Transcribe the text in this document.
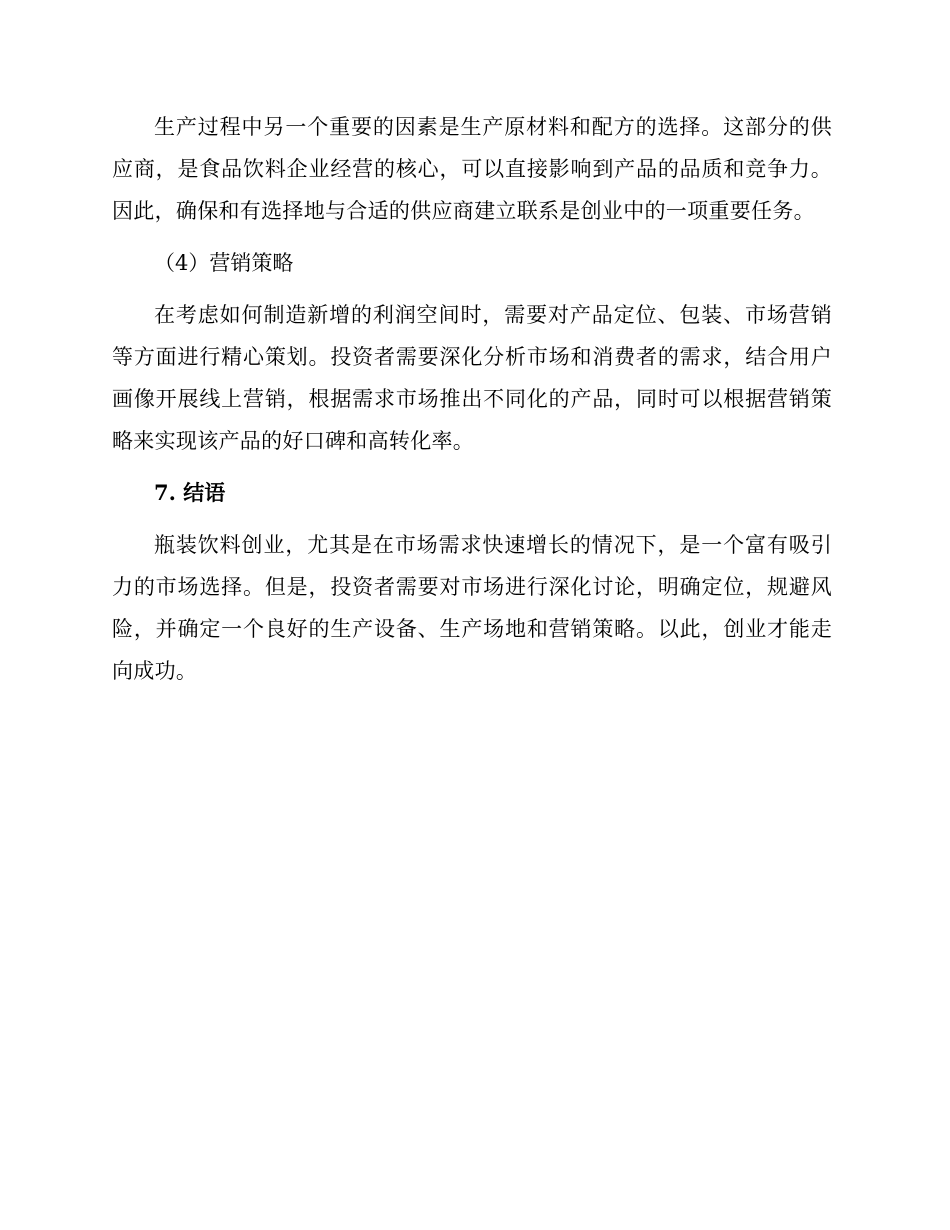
生产过程中另一个重要的因素是生产原材料和配方的选择。这部分的供应商，是食品饮料企业经营的核心，可以直接影响到产品的品质和竞争力。因此，确保和有选择地与合适的供应商建立联系是创业中的一项重要任务。

（4）营销策略

在考虑如何制造新增的利润空间时，需要对产品定位、包装、市场营销等方面进行精心策划。投资者需要深化分析市场和消费者的需求，结合用户画像开展线上营销，根据需求市场推出不同化的产品，同时可以根据营销策略来实现该产品的好口碑和高转化率。

7. 结语

瓶装饮料创业，尤其是在市场需求快速增长的情况下，是一个富有吸引力的市场选择。但是，投资者需要对市场进行深化讨论，明确定位，规避风险，并确定一个良好的生产设备、生产场地和营销策略。以此，创业才能走向成功。
